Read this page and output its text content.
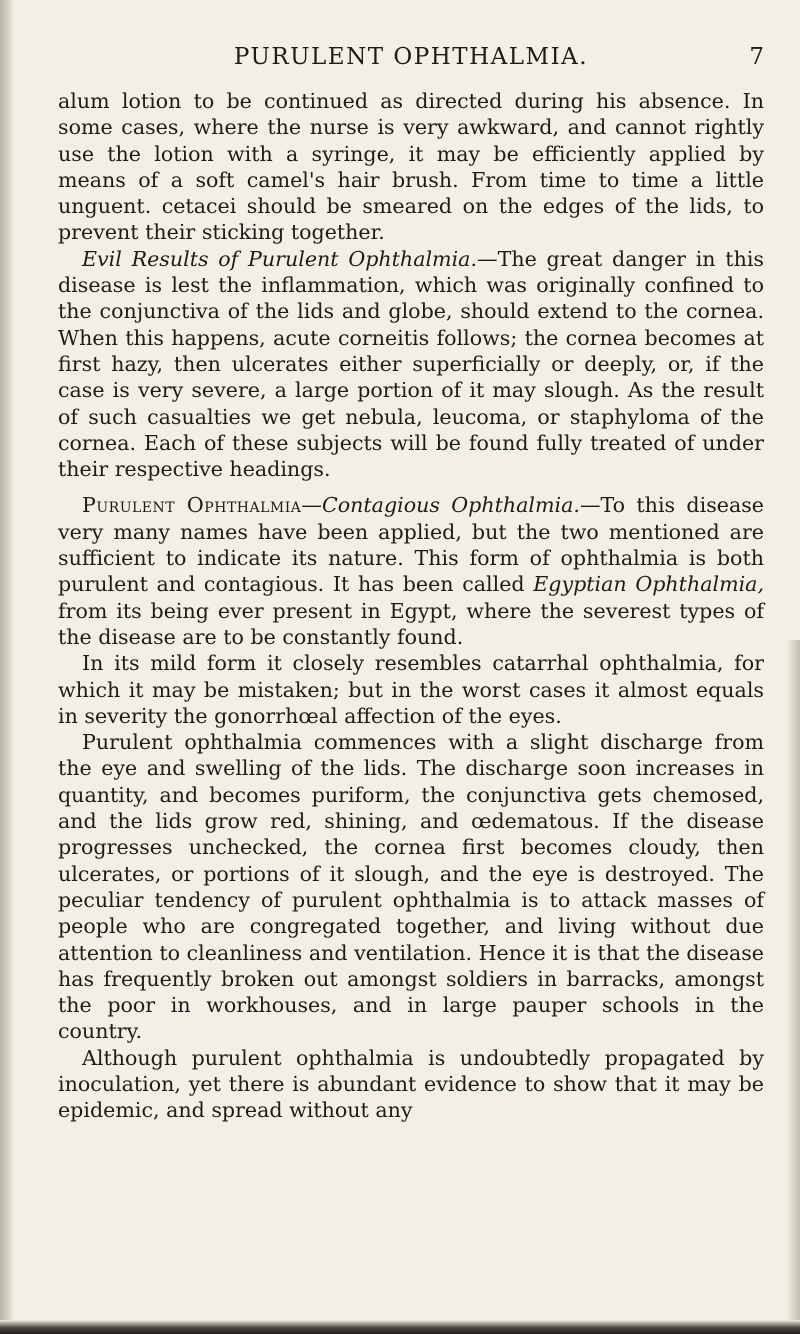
PURULENT OPHTHALMIA.	7

alum lotion to be continued as directed during his absence. In some cases, where the nurse is very awkward, and cannot rightly use the lotion with a syringe, it may be efficiently applied by means of a soft camel's hair brush. From time to time a little unguent. cetacei should be smeared on the edges of the lids, to prevent their sticking together.

Evil Results of Purulent Ophthalmia.—The great danger in this disease is lest the inflammation, which was originally confined to the conjunctiva of the lids and globe, should extend to the cornea. When this happens, acute corneitis follows; the cornea becomes at first hazy, then ulcerates either superficially or deeply, or, if the case is very severe, a large portion of it may slough. As the result of such casualties we get nebula, leucoma, or staphyloma of the cornea. Each of these subjects will be found fully treated of under their respective headings.

Purulent Ophthalmia—Contagious Ophthalmia.—To this disease very many names have been applied, but the two mentioned are sufficient to indicate its nature. This form of ophthalmia is both purulent and contagious. It has been called Egyptian Ophthalmia, from its being ever present in Egypt, where the severest types of the disease are to be constantly found.

In its mild form it closely resembles catarrhal ophthalmia, for which it may be mistaken; but in the worst cases it almost equals in severity the gonorrhœal affection of the eyes.

Purulent ophthalmia commences with a slight discharge from the eye and swelling of the lids. The discharge soon increases in quantity, and becomes puriform, the conjunctiva gets chemosed, and the lids grow red, shining, and œdematous. If the disease progresses unchecked, the cornea first becomes cloudy, then ulcerates, or portions of it slough, and the eye is destroyed. The peculiar tendency of purulent ophthalmia is to attack masses of people who are congregated together, and living without due attention to cleanliness and ventilation. Hence it is that the disease has frequently broken out amongst soldiers in barracks, amongst the poor in workhouses, and in large pauper schools in the country.

Although purulent ophthalmia is undoubtedly propagated by inoculation, yet there is abundant evidence to show that it may be epidemic, and spread without any
